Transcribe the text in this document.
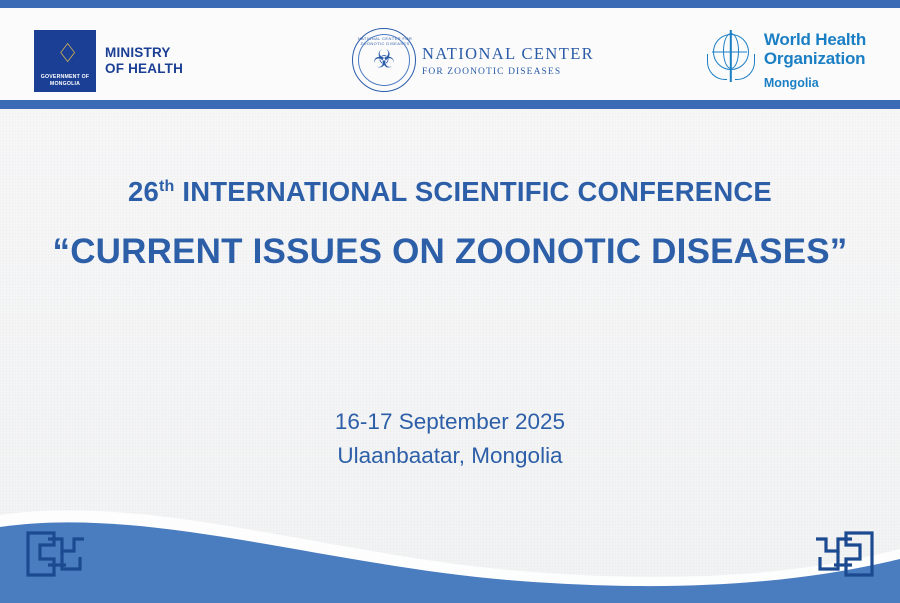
♢
GOVERNMENT OF
MONGOLIA
MINISTRY
OF HEALTH
NATIONAL CENTER FOR ZOONOTIC DISEASES
☣ NATIONAL CENTER
FOR ZOONOTIC DISEASES
World Health
Organization
Mongolia
26th INTERNATIONAL SCIENTIFIC CONFERENCE
“CURRENT ISSUES ON ZOONOTIC DISEASES”
16-17 September 2025
Ulaanbaatar, Mongolia
